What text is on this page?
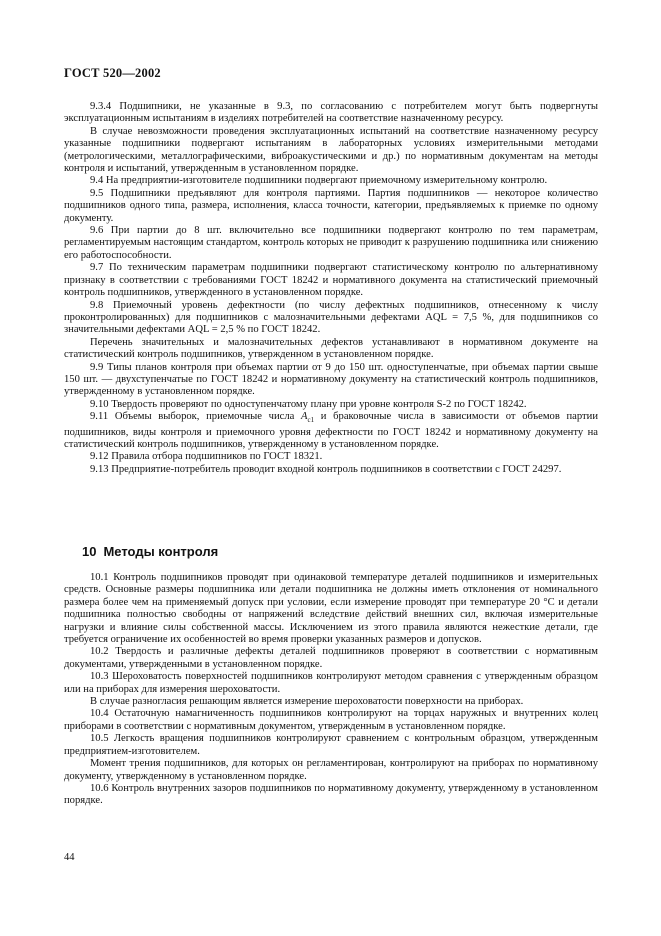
ГОСТ 520—2002

9.3.4 Подшипники, не указанные в 9.3, по согласованию с потребителем могут быть подвергнуты эксплуатационным испытаниям в изделиях потребителей на соответствие назначенному ресурсу.

В случае невозможности проведения эксплуатационных испытаний на соответствие назначенному ресурсу указанные подшипники подвергают испытаниям в лабораторных условиях измерительными методами (метрологическими, металлографическими, виброакустическими и др.) по нормативным документам на методы контроля и испытаний, утвержденным в установленном порядке.

9.4 На предприятии-изготовителе подшипники подвергают приемочному измерительному контролю.

9.5 Подшипники предъявляют для контроля партиями. Партия подшипников — некоторое количество подшипников одного типа, размера, исполнения, класса точности, категории, предъявляемых к приемке по одному документу.

9.6 При партии до 8 шт. включительно все подшипники подвергают контролю по тем параметрам, регламентируемым настоящим стандартом, контроль которых не приводит к разрушению подшипника или снижению его работоспособности.

9.7 По техническим параметрам подшипники подвергают статистическому контролю по альтернативному признаку в соответствии с требованиями ГОСТ 18242 и нормативного документа на статистический приемочный контроль подшипников, утвержденного в установленном порядке.

9.8 Приемочный уровень дефектности (по числу дефектных подшипников, отнесенному к числу проконтролированных) для подшипников с малозначительными дефектами AQL = 7,5 %, для подшипников со значительными дефектами AQL = 2,5 % по ГОСТ 18242.

Перечень значительных и малозначительных дефектов устанавливают в нормативном документе на статистический контроль подшипников, утвержденном в установленном порядке.

9.9 Типы планов контроля при объемах партии от 9 до 150 шт. одноступенчатые, при объемах партии свыше 150 шт. — двухступенчатые по ГОСТ 18242 и нормативному документу на статистический контроль подшипников, утвержденному в установленном порядке.

9.10 Твердость проверяют по одноступенчатому плану при уровне контроля S-2 по ГОСТ 18242.

9.11 Объемы выборок, приемочные числа $A_{c1}$ и браковочные числа в зависимости от объемов партии подшипников, виды контроля и приемочного уровня дефектности по ГОСТ 18242 и нормативному документу на статистический контроль подшипников, утвержденному в установленном порядке.

9.12 Правила отбора подшипников по ГОСТ 18321.

9.13 Предприятие-потребитель проводит входной контроль подшипников в соответствии с ГОСТ 24297.

10 Методы контроля

10.1 Контроль подшипников проводят при одинаковой температуре деталей подшипников и измерительных средств. Основные размеры подшипника или детали подшипника не должны иметь отклонения от номинального размера более чем на применяемый допуск при условии, если измерение проводят при температуре 20 °С и детали подшипника полностью свободны от напряжений вследствие действий внешних сил, включая измерительные нагрузки и влияние силы собственной массы. Исключением из этого правила являются нежесткие детали, где требуется ограничение их особенностей во время проверки указанных размеров и допусков.

10.2 Твердость и различные дефекты деталей подшипников проверяют в соответствии с нормативным документами, утвержденными в установленном порядке.

10.3 Шероховатость поверхностей подшипников контролируют методом сравнения с утвержденным образцом или на приборах для измерения шероховатости.

В случае разногласия решающим является измерение шероховатости поверхности на приборах.

10.4 Остаточную намагниченность подшипников контролируют на торцах наружных и внутренних колец приборами в соответствии с нормативным документом, утвержденным в установленном порядке.

10.5 Легкость вращения подшипников контролируют сравнением с контрольным образцом, утвержденным предприятием-изготовителем.

Момент трения подшипников, для которых он регламентирован, контролируют на приборах по нормативному документу, утвержденному в установленном порядке.

10.6 Контроль внутренних зазоров подшипников по нормативному документу, утвержденному в установленном порядке.

44
